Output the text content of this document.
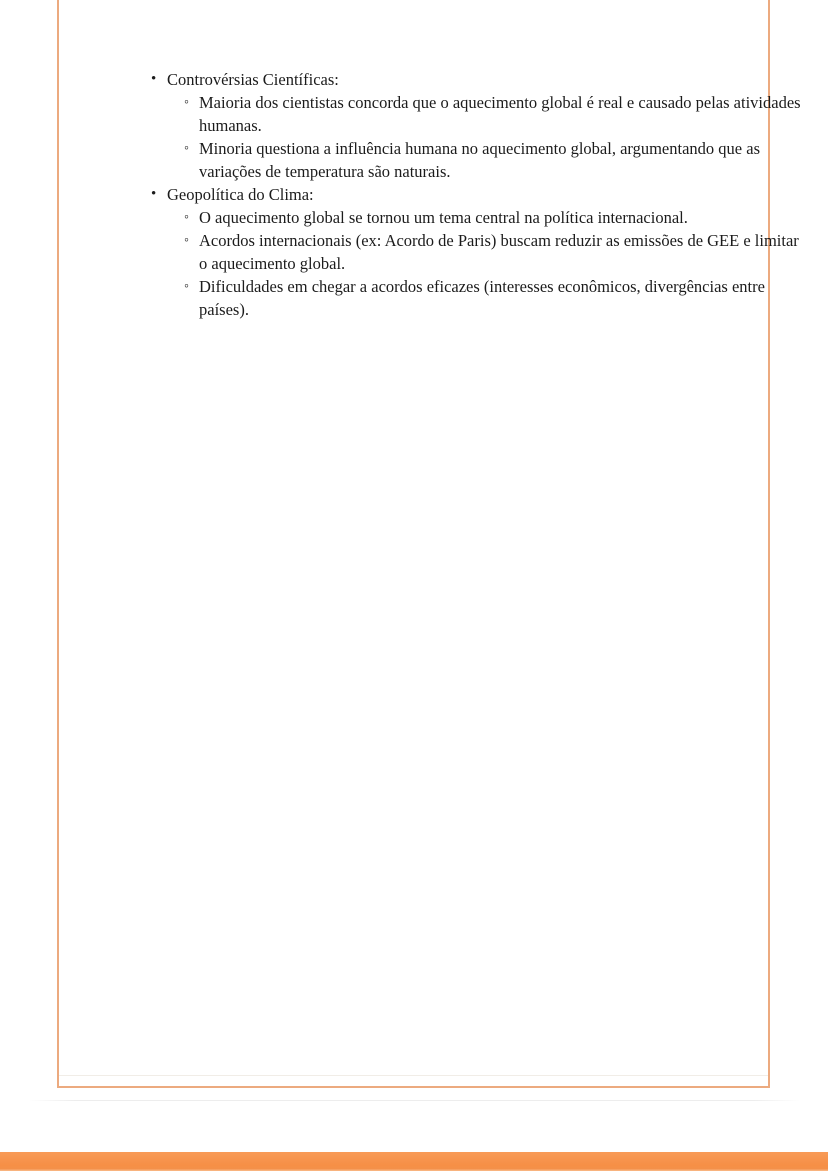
• Controvérsias Científicas:
◦ Maioria dos cientistas concorda que o aquecimento global é real e causado pelas atividades humanas.
◦ Minoria questiona a influência humana no aquecimento global, argumentando que as variações de temperatura são naturais.
• Geopolítica do Clima:
◦ O aquecimento global se tornou um tema central na política internacional.
◦ Acordos internacionais (ex: Acordo de Paris) buscam reduzir as emissões de GEE e limitar o aquecimento global.
◦ Dificuldades em chegar a acordos eficazes (interesses econômicos, divergências entre países).
